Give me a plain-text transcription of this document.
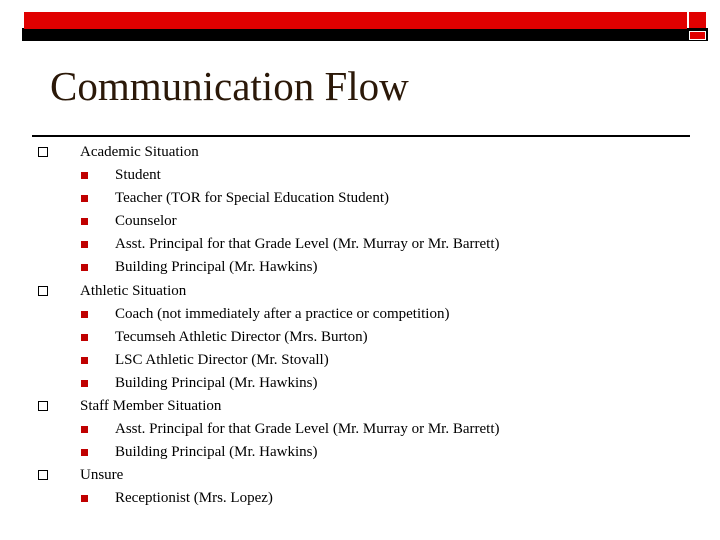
Communication Flow
Academic Situation
Student
Teacher (TOR for Special Education Student)
Counselor
Asst. Principal for that Grade Level (Mr. Murray or Mr. Barrett)
Building Principal (Mr. Hawkins)
Athletic Situation
Coach (not immediately after a practice or competition)
Tecumseh Athletic Director (Mrs. Burton)
LSC Athletic Director (Mr. Stovall)
Building Principal (Mr. Hawkins)
Staff Member Situation
Asst. Principal for that Grade Level (Mr. Murray or Mr. Barrett)
Building Principal (Mr. Hawkins)
Unsure
Receptionist (Mrs. Lopez)
